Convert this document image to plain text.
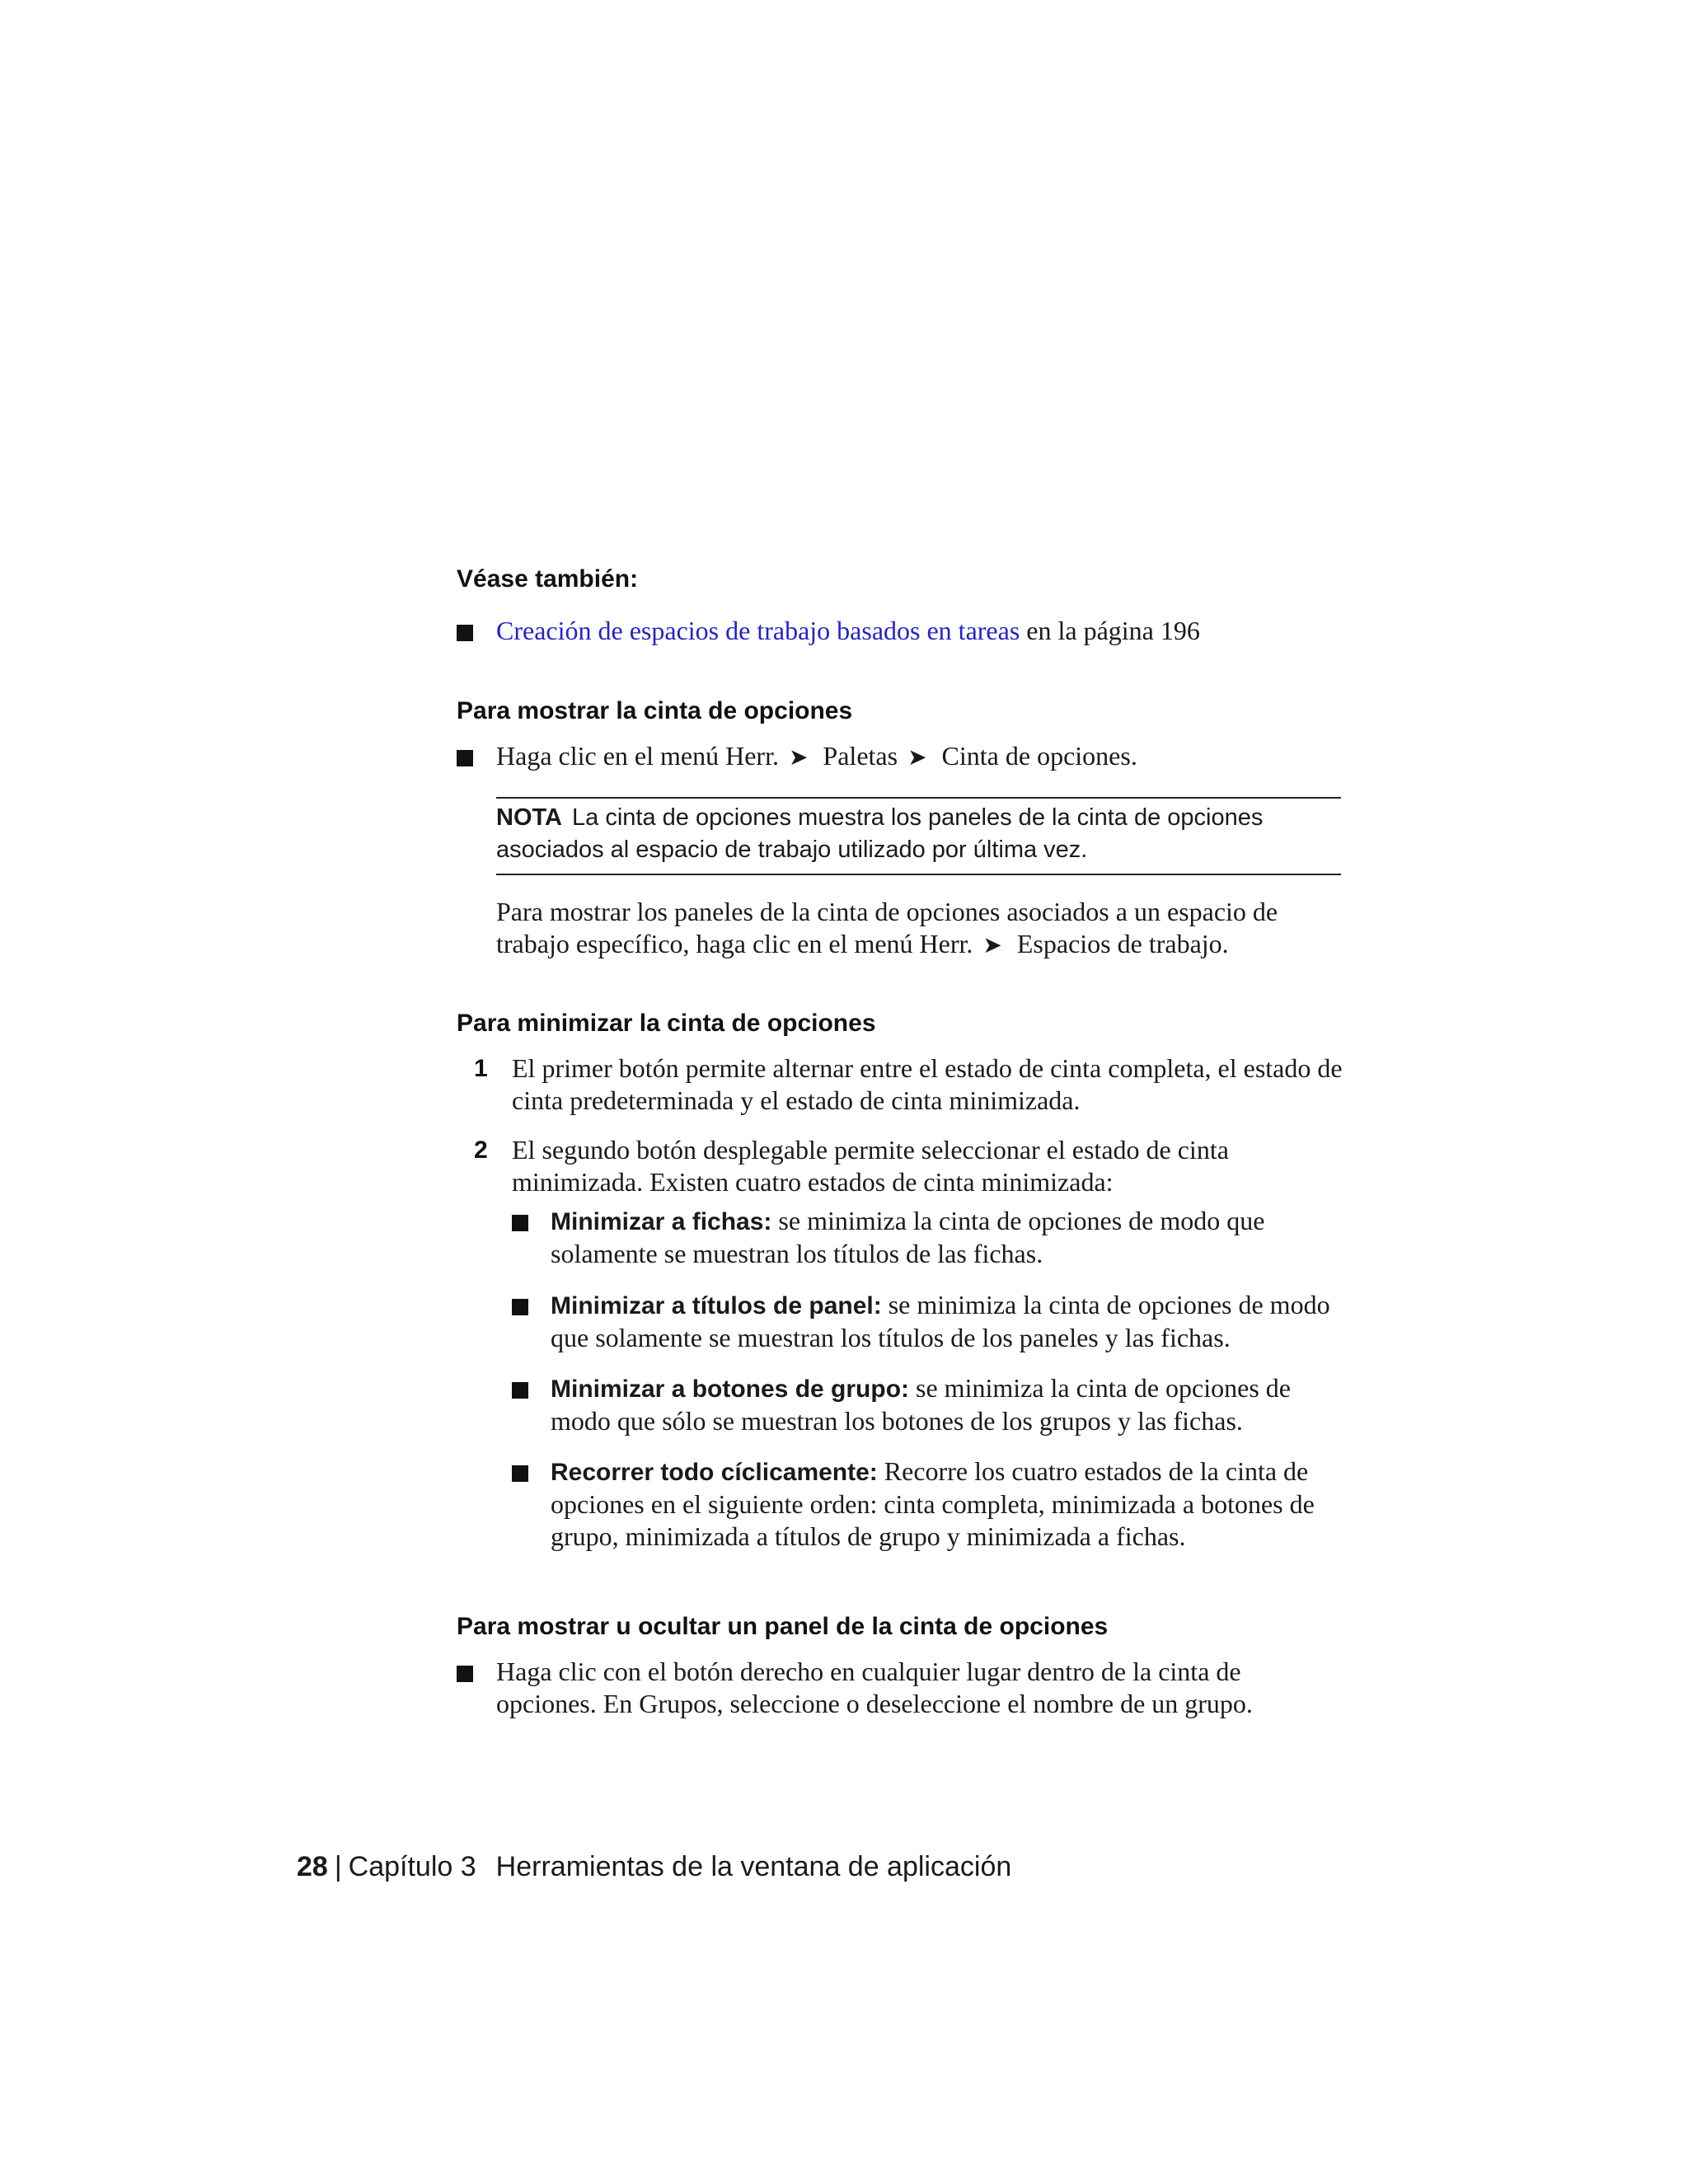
Véase también:
Creación de espacios de trabajo basados en tareas en la página 196
Para mostrar la cinta de opciones
Haga clic en el menú Herr. ➤ Paletas ➤ Cinta de opciones.
NOTA La cinta de opciones muestra los paneles de la cinta de opciones asociados al espacio de trabajo utilizado por última vez.
Para mostrar los paneles de la cinta de opciones asociados a un espacio de trabajo específico, haga clic en el menú Herr. ➤ Espacios de trabajo.
Para minimizar la cinta de opciones
1 El primer botón permite alternar entre el estado de cinta completa, el estado de cinta predeterminada y el estado de cinta minimizada.
2 El segundo botón desplegable permite seleccionar el estado de cinta minimizada. Existen cuatro estados de cinta minimizada:
Minimizar a fichas: se minimiza la cinta de opciones de modo que solamente se muestran los títulos de las fichas.
Minimizar a títulos de panel: se minimiza la cinta de opciones de modo que solamente se muestran los títulos de los paneles y las fichas.
Minimizar a botones de grupo: se minimiza la cinta de opciones de modo que sólo se muestran los botones de los grupos y las fichas.
Recorrer todo cíclicamente: Recorre los cuatro estados de la cinta de opciones en el siguiente orden: cinta completa, minimizada a botones de grupo, minimizada a títulos de grupo y minimizada a fichas.
Para mostrar u ocultar un panel de la cinta de opciones
Haga clic con el botón derecho en cualquier lugar dentro de la cinta de opciones. En Grupos, seleccione o deseleccione el nombre de un grupo.
28 | Capítulo 3 Herramientas de la ventana de aplicación
